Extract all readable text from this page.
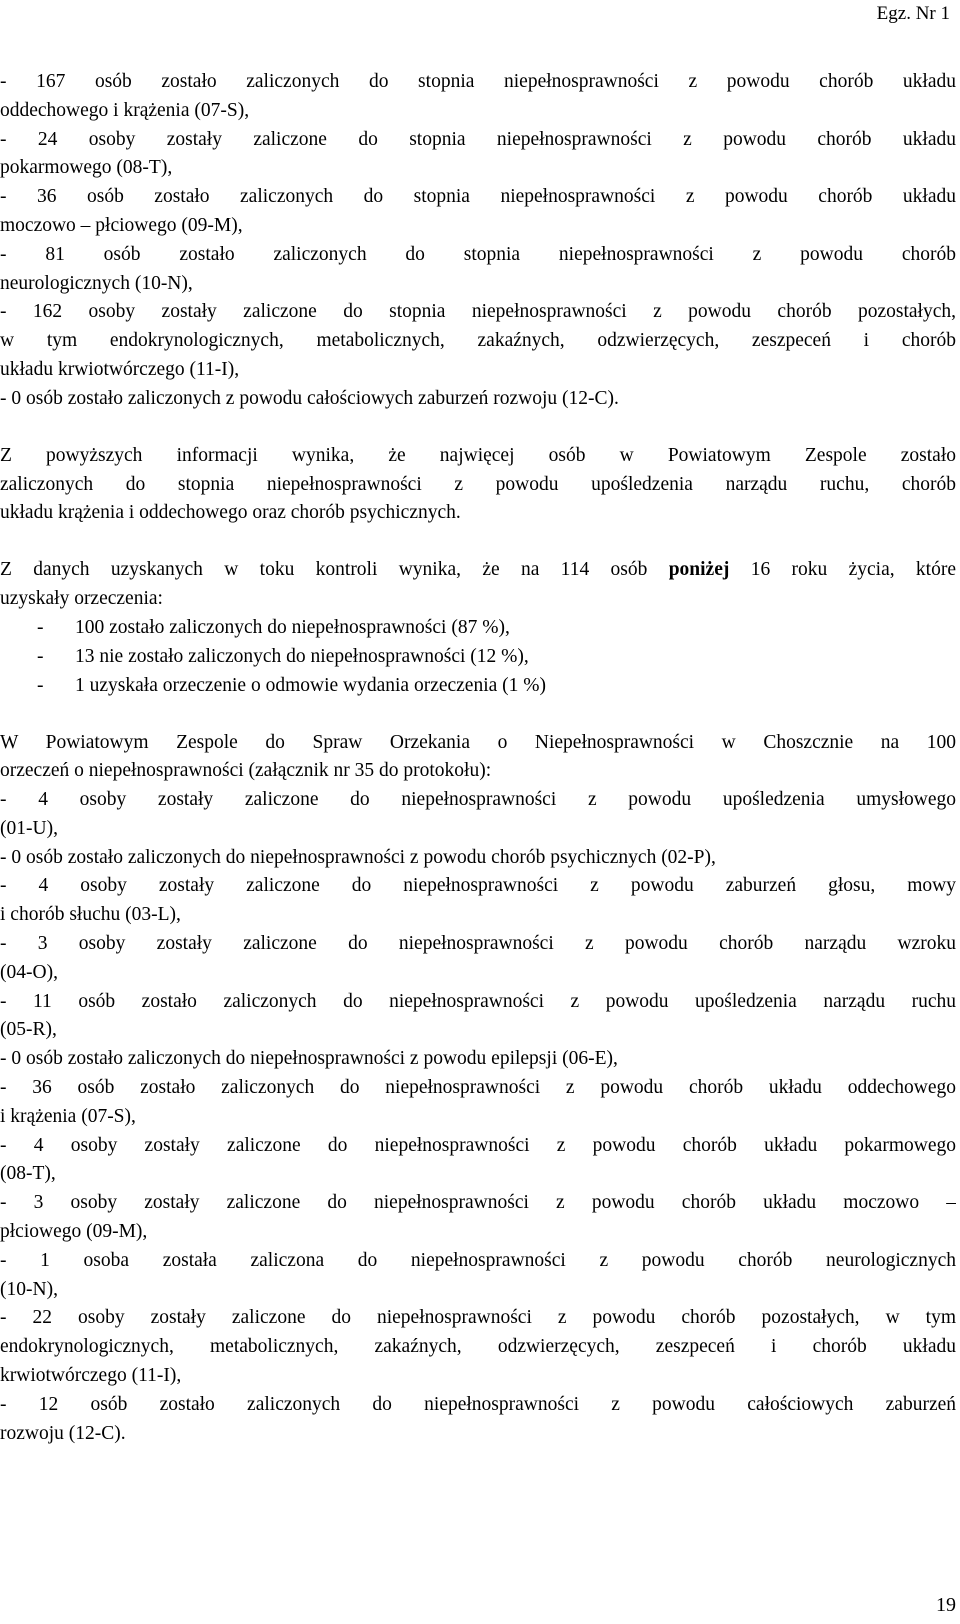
Egz. Nr 1
- 167 osób zostało zaliczonych do stopnia niepełnosprawności z powodu chorób układu
oddechowego i krążenia (07-S),
- 24 osoby zostały zaliczone do stopnia niepełnosprawności z powodu chorób układu
pokarmowego (08-T),
- 36 osób zostało zaliczonych do stopnia niepełnosprawności z powodu chorób układu
moczowo – płciowego (09-M),
- 81 osób zostało zaliczonych do stopnia niepełnosprawności z powodu chorób
neurologicznych (10-N),
- 162 osoby zostały zaliczone do stopnia niepełnosprawności z powodu chorób pozostałych,
w tym endokrynologicznych, metabolicznych, zakaźnych, odzwierzęcych, zeszpeceń i chorób
układu krwiotwórczego (11-I),
- 0 osób zostało zaliczonych z powodu całościowych zaburzeń rozwoju (12-C).
Z powyższych informacji wynika, że najwięcej osób w Powiatowym Zespole zostało
zaliczonych do stopnia niepełnosprawności z powodu upośledzenia narządu ruchu, chorób
układu krążenia i oddechowego oraz chorób psychicznych.
Z danych uzyskanych w toku kontroli wynika, że na 114 osób poniżej 16 roku życia, które
uzyskały orzeczenia:
- 100 zostało zaliczonych do niepełnosprawności (87 %),
- 13 nie zostało zaliczonych do niepełnosprawności (12 %),
- 1 uzyskała orzeczenie o odmowie wydania orzeczenia (1 %)
W Powiatowym Zespole do Spraw Orzekania o Niepełnosprawności w Choszcznie na 100
orzeczeń o niepełnosprawności (załącznik nr 35 do protokołu):
- 4 osoby zostały zaliczone do niepełnosprawności z powodu upośledzenia umysłowego
(01-U),
- 0 osób zostało zaliczonych do niepełnosprawności z powodu chorób psychicznych (02-P),
- 4 osoby zostały zaliczone do niepełnosprawności z powodu zaburzeń głosu, mowy
i chorób słuchu (03-L),
- 3 osoby zostały zaliczone do niepełnosprawności z powodu chorób narządu wzroku
(04-O),
- 11 osób zostało zaliczonych do niepełnosprawności z powodu upośledzenia narządu ruchu
(05-R),
- 0 osób zostało zaliczonych do niepełnosprawności z powodu epilepsji (06-E),
- 36 osób zostało zaliczonych do niepełnosprawności z powodu chorób układu oddechowego
i krążenia (07-S),
- 4 osoby zostały zaliczone do niepełnosprawności z powodu chorób układu pokarmowego
(08-T),
- 3 osoby zostały zaliczone do niepełnosprawności z powodu chorób układu moczowo –
płciowego (09-M),
- 1 osoba została zaliczona do niepełnosprawności z powodu chorób neurologicznych
(10-N),
- 22 osoby zostały zaliczone do niepełnosprawności z powodu chorób pozostałych, w tym
endokrynologicznych, metabolicznych, zakaźnych, odzwierzęcych, zeszpeceń i chorób układu
krwiotwórczego (11-I),
- 12 osób zostało zaliczonych do niepełnosprawności z powodu całościowych zaburzeń
rozwoju (12-C).
19
